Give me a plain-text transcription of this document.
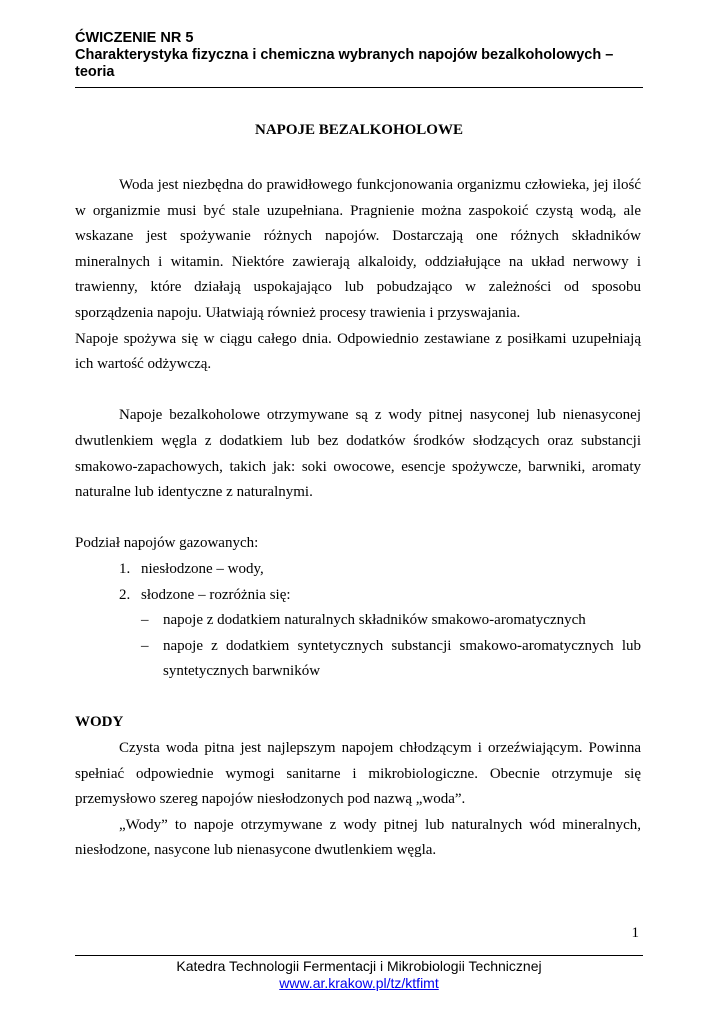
ĆWICZENIE NR 5
Charakterystyka fizyczna i chemiczna wybranych napojów bezalkoholowych –
teoria
NAPOJE BEZALKOHOLOWE

Woda jest niezbędna do prawidłowego funkcjonowania organizmu człowieka, jej ilość w organizmie musi być stale uzupełniana. Pragnienie można zaspokoić czystą wodą, ale wskazane jest spożywanie różnych napojów. Dostarczają one różnych składników mineralnych i witamin. Niektóre zawierają alkaloidy, oddziałujące na układ nerwowy i trawienny, które działają uspokajająco lub pobudzająco w zależności od sposobu sporządzenia napoju. Ułatwiają również procesy trawienia i przyswajania.

Napoje spożywa się w ciągu całego dnia. Odpowiednio zestawiane z posiłkami uzupełniają ich wartość odżywczą.

Napoje bezalkoholowe otrzymywane są z wody pitnej nasyconej lub nienasyconej dwutlenkiem węgla z dodatkiem lub bez dodatków środków słodzących oraz substancji smakowo-zapachowych, takich jak: soki owocowe, esencje spożywcze, barwniki, aromaty naturalne lub identyczne z naturalnymi.

Podział napojów gazowanych:

1. niesłodzone – wody,
2. słodzone – rozróżnia się:
– napoje z dodatkiem naturalnych składników smakowo-aromatycznych
– napoje z dodatkiem syntetycznych substancji smakowo-aromatycznych lub syntetycznych barwników

WODY

Czysta woda pitna jest najlepszym napojem chłodzącym i orzeźwiającym. Powinna spełniać odpowiednie wymogi sanitarne i mikrobiologiczne. Obecnie otrzymuje się przemysłowo szereg napojów niesłodzonych pod nazwą „woda”.

„Wody” to napoje otrzymywane z wody pitnej lub naturalnych wód mineralnych, niesłodzone, nasycone lub nienasycone dwutlenkiem węgla.

1
Katedra Technologii Fermentacji i Mikrobiologii Technicznej
www.ar.krakow.pl/tz/ktfimt
